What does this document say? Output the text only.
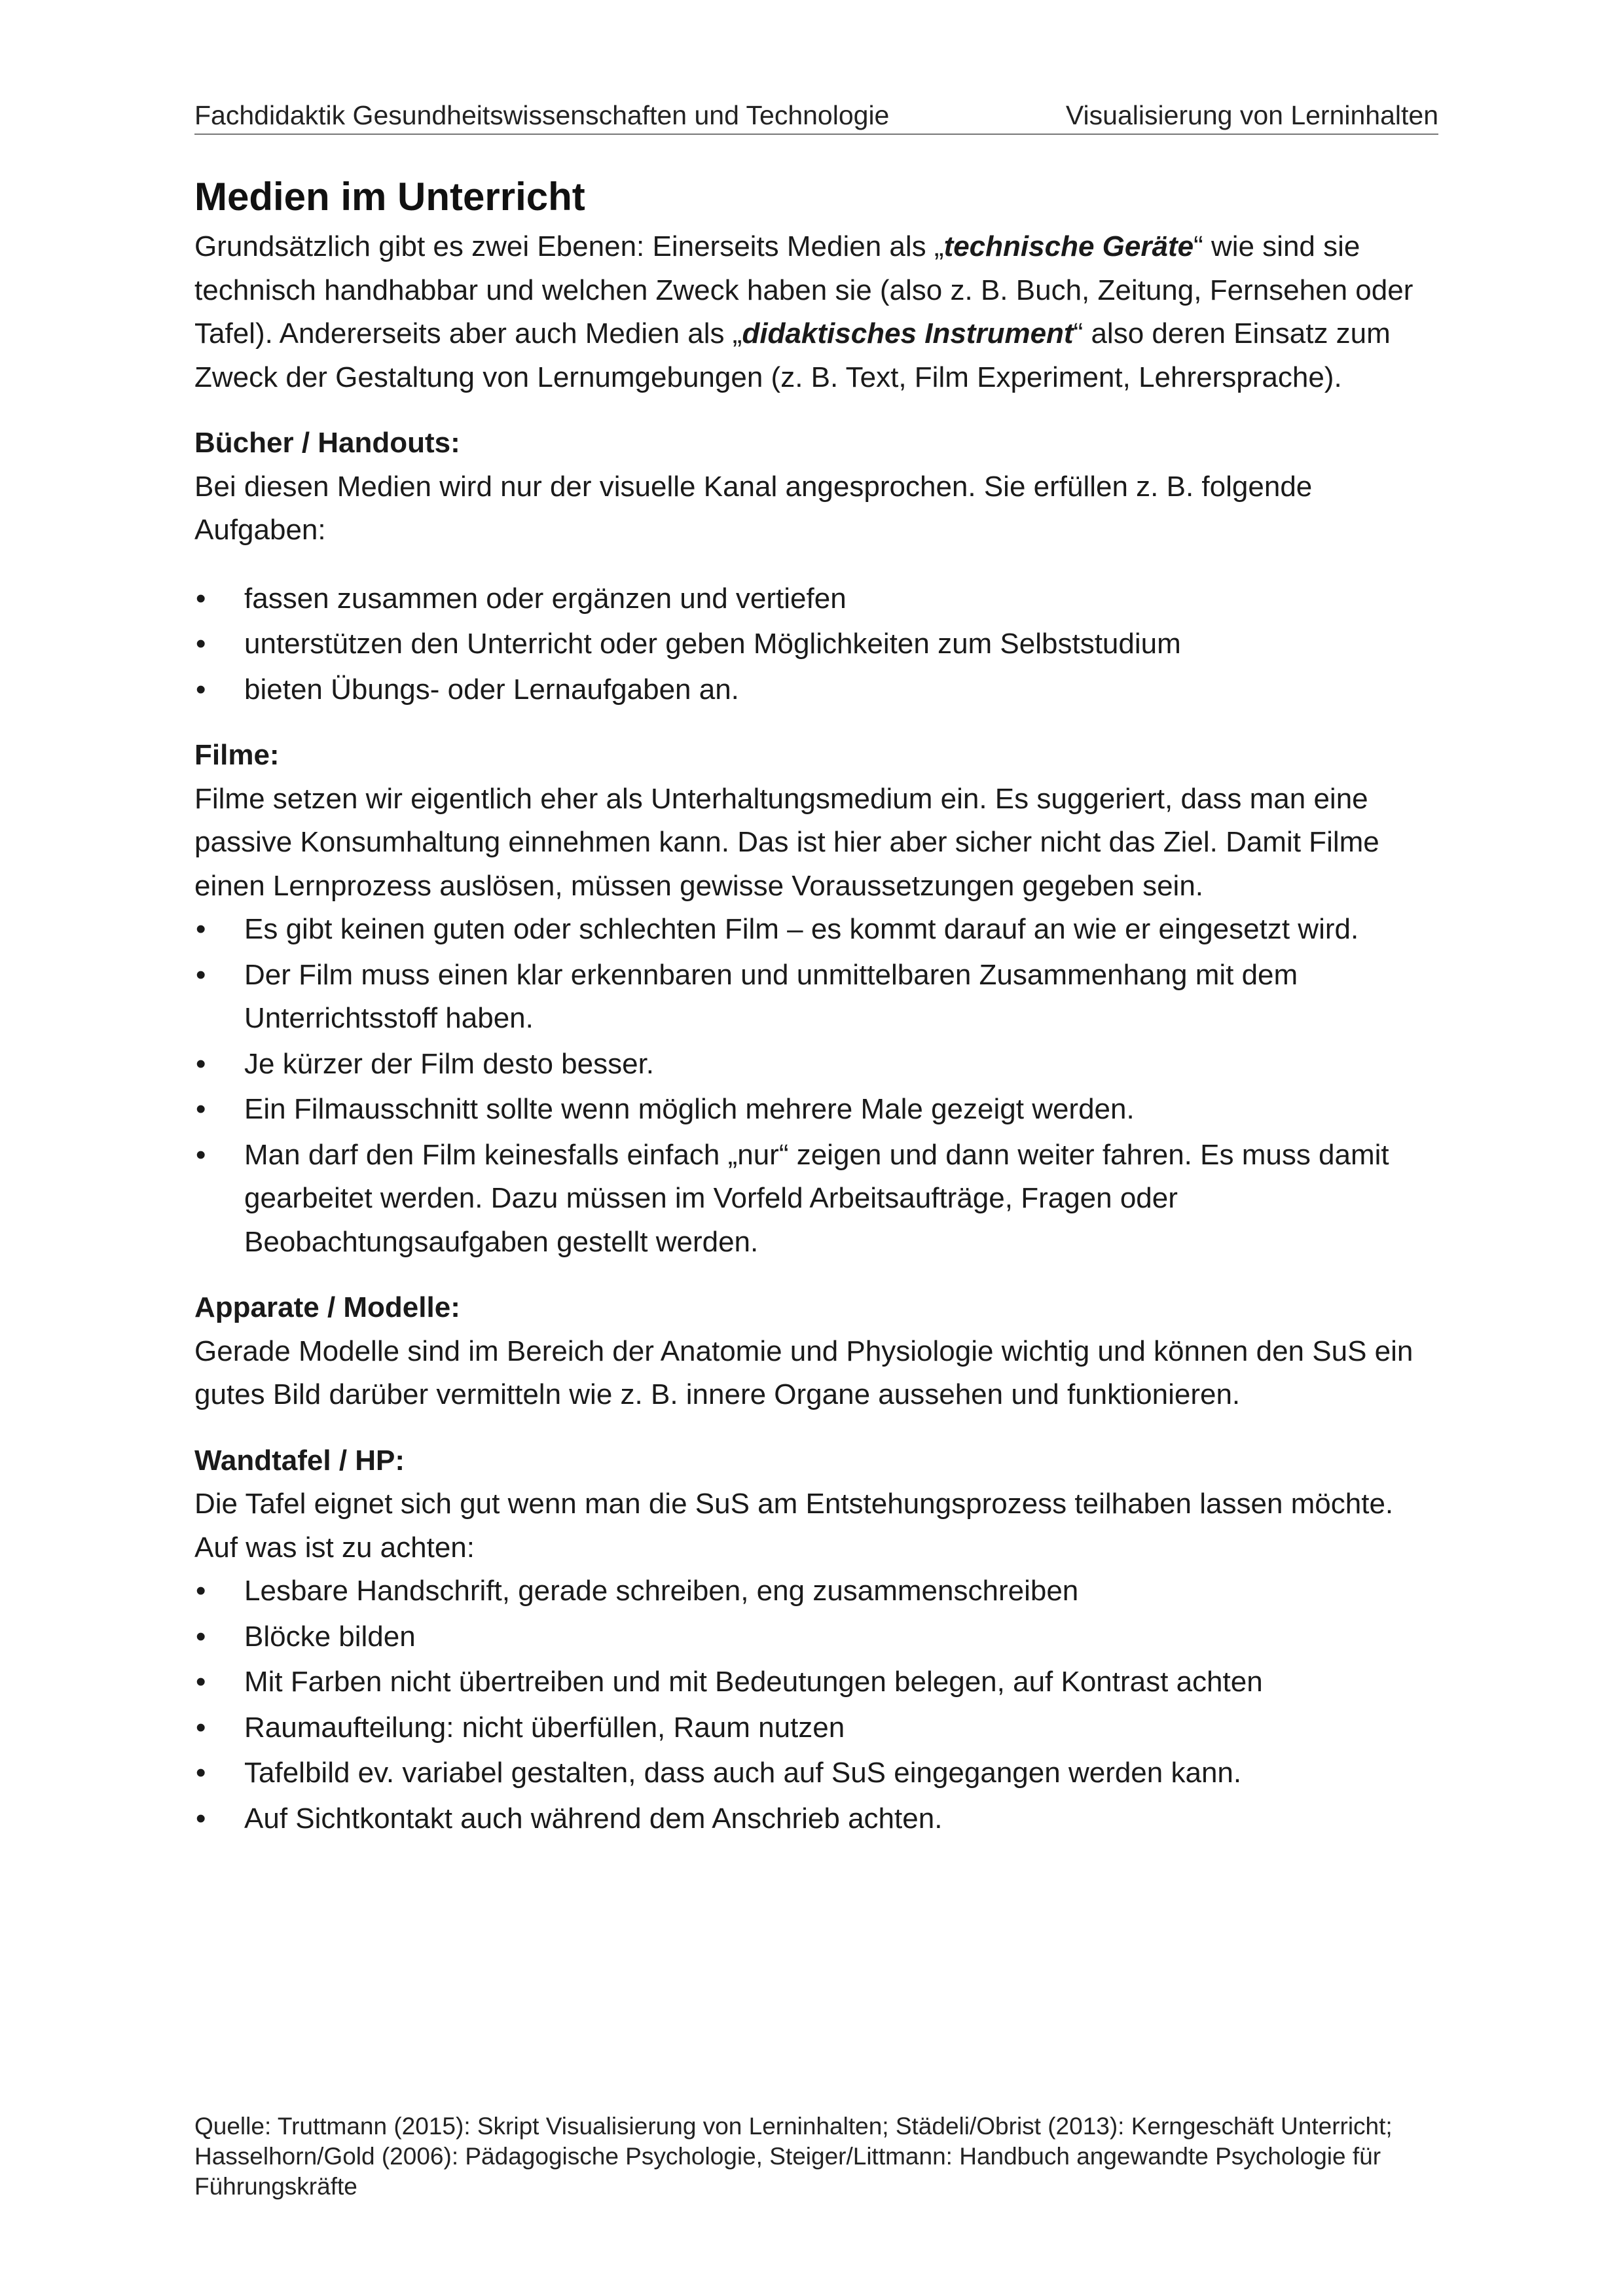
Fachdidaktik Gesundheitswissenschaften und Technologie	Visualisierung von Lerninhalten
Medien im Unterricht

Grundsätzlich gibt es zwei Ebenen: Einerseits Medien als „technische Geräte“ wie sind sie technisch handhabbar und welchen Zweck haben sie (also z. B. Buch, Zeitung, Fernsehen oder Tafel). Andererseits aber auch Medien als „didaktisches Instrument“ also deren Einsatz zum Zweck der Gestaltung von Lernumgebungen (z. B. Text, Film Experiment, Lehrersprache).

Bücher / Handouts:

Bei diesen Medien wird nur der visuelle Kanal angesprochen. Sie erfüllen z. B. folgende Aufgaben:

• fassen zusammen oder ergänzen und vertiefen
• unterstützen den Unterricht oder geben Möglichkeiten zum Selbststudium
• bieten Übungs- oder Lernaufgaben an.
Filme:

Filme setzen wir eigentlich eher als Unterhaltungsmedium ein. Es suggeriert, dass man eine passive Konsumhaltung einnehmen kann. Das ist hier aber sicher nicht das Ziel. Damit Filme einen Lernprozess auslösen, müssen gewisse Voraussetzungen gegeben sein.

• Es gibt keinen guten oder schlechten Film – es kommt darauf an wie er eingesetzt wird.
• Der Film muss einen klar erkennbaren und unmittelbaren Zusammenhang mit dem Unterrichtsstoff haben.
• Je kürzer der Film desto besser.
• Ein Filmausschnitt sollte wenn möglich mehrere Male gezeigt werden.
• Man darf den Film keinesfalls einfach „nur“ zeigen und dann weiter fahren. Es muss damit gearbeitet werden. Dazu müssen im Vorfeld Arbeitsaufträge, Fragen oder Beobachtungsaufgaben gestellt werden.
Apparate / Modelle:

Gerade Modelle sind im Bereich der Anatomie und Physiologie wichtig und können den SuS ein gutes Bild darüber vermitteln wie z. B. innere Organe aussehen und funktionieren.

Wandtafel / HP:

Die Tafel eignet sich gut wenn man die SuS am Entstehungsprozess teilhaben lassen möchte. Auf was ist zu achten:

• Lesbare Handschrift, gerade schreiben, eng zusammenschreiben
• Blöcke bilden
• Mit Farben nicht übertreiben und mit Bedeutungen belegen, auf Kontrast achten
• Raumaufteilung: nicht überfüllen, Raum nutzen
• Tafelbild ev. variabel gestalten, dass auch auf SuS eingegangen werden kann.
• Auf Sichtkontakt auch während dem Anschrieb achten.
Quelle: Truttmann (2015): Skript Visualisierung von Lerninhalten; Städeli/Obrist (2013): Kerngeschäft Unterricht; Hasselhorn/Gold (2006): Pädagogische Psychologie, Steiger/Littmann: Handbuch angewandte Psychologie für Führungskräfte
